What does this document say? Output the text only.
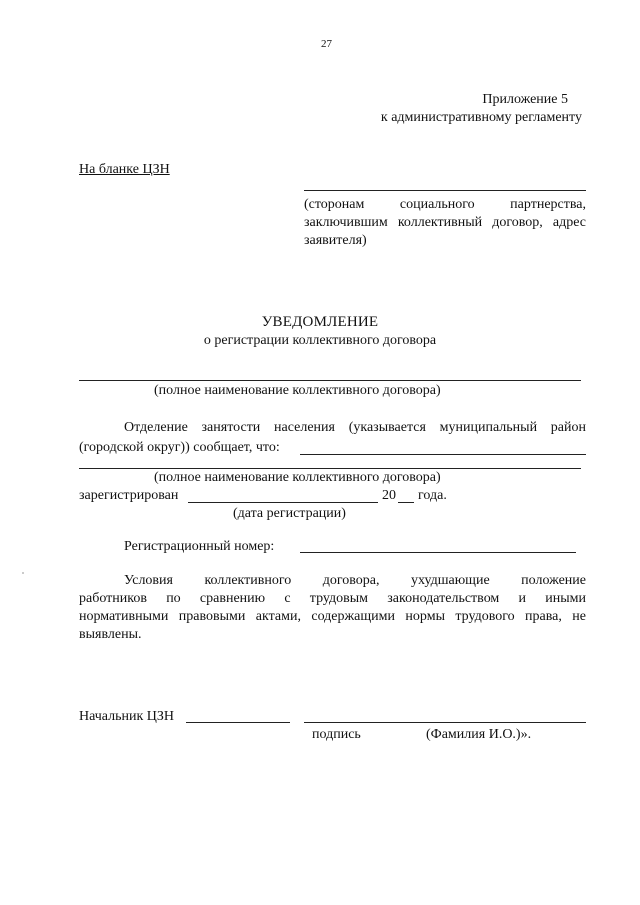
27
Приложение 5
к административному регламенту
На бланке ЦЗН
(сторонам социального партнерства,
заключившим коллективный договор, адрес
заявителя)
УВЕДОМЛЕНИЕ
о регистрации коллективного договора
(полное наименование коллективного договора)
Отделение занятости населения (указывается муниципальный район
(городской округ)) сообщает, что:
(полное наименование коллективного договора)
зарегистрирован	20 года.
(дата регистрации)
Регистрационный номер:
Условия коллективного договора, ухудшающие положение
работников по сравнению с трудовым законодательством и иными
нормативными правовыми актами, содержащими нормы трудового права, не
выявлены.
Начальник ЦЗН
подпись	(Фамилия И.О.)».
